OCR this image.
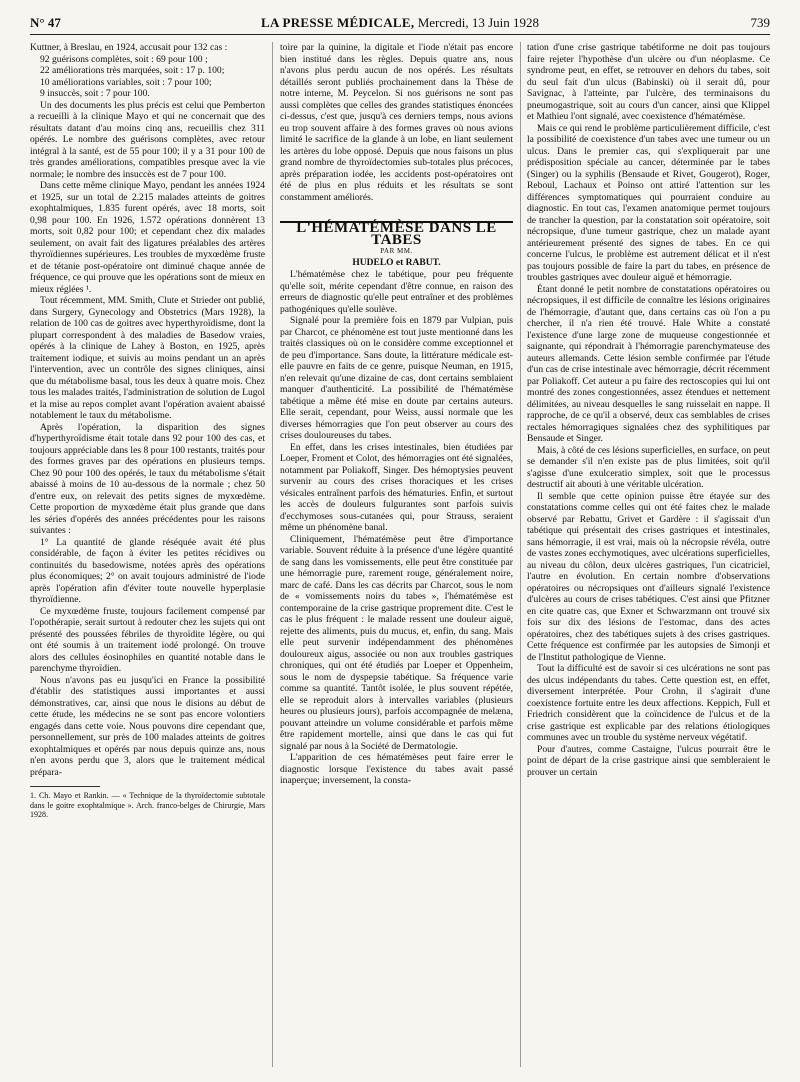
N° 47	LA PRESSE MÉDICALE, Mercredi, 13 Juin 1928	739

Kuttner, à Breslau, en 1924, accusait pour 132 cas :

92 guérisons complètes, soit : 69 pour 100 ;

22 améliorations très marquées, soit : 17 p. 100;

10 améliorations variables, soit : 7 pour 100;

9 insuccès, soit : 7 pour 100.

Un des documents les plus précis est celui que Pemberton a recueilli à la clinique Mayo et qui ne concernait que des résultats datant d'au moins cinq ans, recueillis chez 311 opérés. Le nombre des guérisons complètes, avec retour intégral à la santé, est de 55 pour 100; il y a 31 pour 100 de très grandes améliorations, compatibles presque avec la vie normale; le nombre des insuccès est de 7 pour 100.

Dans cette même clinique Mayo, pendant les années 1924 et 1925, sur un total de 2.215 malades atteints de goitres exophtalmiques, 1.835 furent opérés, avec 18 morts, soit 0,98 pour 100. En 1926, 1.572 opérations donnèrent 13 morts, soit 0,82 pour 100; et cependant chez dix malades seulement, on avait fait des ligatures préalables des artères thyroïdiennes supérieures. Les troubles de myxœdème fruste et de tétanie post-opératoire ont diminué chaque année de fréquence, ce qui prouve que les opérations sont de mieux en mieux réglées ¹.

Tout récemment, MM. Smith, Clute et Strieder ont publié, dans Surgery, Gynecology and Obstetrics (Mars 1928), la relation de 100 cas de goitres avec hyperthyroïdisme, dont la plupart correspondent à des maladies de Basedow vraies, opérés à la clinique de Lahey à Boston, en 1925, après traitement iodique, et suivis au moins pendant un an après l'intervention, avec un contrôle des signes cliniques, ainsi que du métabolisme basal, tous les deux à quatre mois. Chez tous les malades traités, l'administration de solution de Lugol et la mise au repos complet avant l'opération avaient abaissé notablement le taux du métabolisme.

Après l'opération, la disparition des signes d'hyperthyroïdisme était totale dans 92 pour 100 des cas, et toujours appréciable dans les 8 pour 100 restants, traités pour des formes graves par des opérations en plusieurs temps. Chez 90 pour 100 des opérés, le taux du métabolisme s'était abaissé à moins de 10 au-dessous de la normale ; chez 50 d'entre eux, on relevait des petits signes de myxœdème. Cette proportion de myxœdème était plus grande que dans les séries d'opérés des années précédentes pour les raisons suivantes :

1° La quantité de glande réséquée avait été plus considérable, de façon à éviter les petites récidives ou continuités du basedowisme, notées après des opérations plus économiques; 2° on avait toujours administré de l'iode après l'opération afin d'éviter toute nouvelle hyperplasie thyroïdienne.

Ce myxœdème fruste, toujours facilement compensé par l'opothérapie, serait surtout à redouter chez les sujets qui ont présenté des poussées fébriles de thyroïdite légère, ou qui ont été soumis à un traitement iodé prolongé. On trouve alors des cellules éosinophiles en quantité notable dans le parenchyme thyroïdien.

Nous n'avons pas eu jusqu'ici en France la possibilité d'établir des statistiques aussi importantes et aussi démonstratives, car, ainsi que nous le disions au début de cette étude, les médecins ne se sont pas encore volontiers engagés dans cette voie. Nous pouvons dire cependant que, personnellement, sur près de 100 malades atteints de goitres exophtalmiques et opérés par nous depuis quinze ans, nous n'en avons perdu que 3, alors que le traitement médical prépara-

1. Ch. Mayo et Rankin. — « Technique de la thyroïdectomie subtotale dans le goitre exophtalmique ». Arch. franco-belges de Chirurgie, Mars 1928.

toire par la quinine, la digitale et l'iode n'était pas encore bien institué dans les règles. Depuis quatre ans, nous n'avons plus perdu aucun de nos opérés. Les résultats détaillés seront publiés prochainement dans la Thèse de notre interne, M. Peycelon. Si nos guérisons ne sont pas aussi complètes que celles des grandes statistiques énoncées ci-dessus, c'est que, jusqu'à ces derniers temps, nous avions eu trop souvent affaire à des formes graves où nous avions limité le sacrifice de la glande à un lobe, en liant seulement les artères du lobe opposé. Depuis que nous faisons un plus grand nombre de thyroïdectomies sub-totales plus précoces, après préparation iodée, les accidents post-opératoires ont été de plus en plus réduits et les résultats se sont constamment améliorés.

L'HÉMATÉMÈSE DANS LE TABES

PAR MM.

HUDELO et RABUT.

L'hématémèse chez le tabétique, pour peu fréquente qu'elle soit, mérite cependant d'être connue, en raison des erreurs de diagnostic qu'elle peut entraîner et des problèmes pathogéniques qu'elle soulève.

Signalé pour la première fois en 1879 par Vulpian, puis par Charcot, ce phénomène est tout juste mentionné dans les traités classiques où on le considère comme exceptionnel et de peu d'importance. Sans doute, la littérature médicale est-elle pauvre en faits de ce genre, puisque Neuman, en 1915, n'en relevait qu'une dizaine de cas, dont certains semblaient manquer d'authenticité. La possibilité de l'hématémèse tabétique a même été mise en doute par certains auteurs. Elle serait, cependant, pour Weiss, aussi normale que les diverses hémorragies que l'on peut observer au cours des crises douloureuses du tabes.

En effet, dans les crises intestinales, bien étudiées par Loeper, Froment et Colot, des hémorragies ont été signalées, notamment par Poliakoff, Singer. Des hémoptysies peuvent survenir au cours des crises thoraciques et les crises vésicales entraînent parfois des hématuries. Enfin, et surtout les accès de douleurs fulgurantes sont parfois suivis d'ecchymoses sous-cutanées qui, pour Strauss, seraient même un phénomène banal.

Cliniquement, l'hématémèse peut être d'importance variable. Souvent réduite à la présence d'une légère quantité de sang dans les vomissements, elle peut être constituée par une hémorragie pure, rarement rouge, généralement noire, marc de café. Dans les cas décrits par Charcot, sous le nom de « vomissements noirs du tabes », l'hématémèse est contemporaine de la crise gastrique proprement dite. C'est le cas le plus fréquent : le malade ressent une douleur aiguë, rejette des aliments, puis du mucus, et, enfin, du sang. Mais elle peut survenir indépendamment des phénomènes douloureux aigus, associée ou non aux troubles gastriques chroniques, qui ont été étudiés par Loeper et Oppenheim, sous le nom de dyspepsie tabétique. Sa fréquence varie comme sa quantité. Tantôt isolée, le plus souvent répétée, elle se reproduit alors à intervalles variables (plusieurs heures ou plusieurs jours), parfois accompagnée de melæna, pouvant atteindre un volume considérable et parfois même être rapidement mortelle, ainsi que dans le cas qui fut signalé par nous à la Société de Dermatologie.

L'apparition de ces hématémèses peut faire errer le diagnostic lorsque l'existence du tabes avait passé inaperçue; inversement, la consta-

tation d'une crise gastrique tabétiforme ne doit pas toujours faire rejeter l'hypothèse d'un ulcère ou d'un néoplasme. Ce syndrome peut, en effet, se retrouver en dehors du tabes, soit du seul fait d'un ulcus (Babinski) où il serait dû, pour Savignac, à l'atteinte, par l'ulcère, des terminaisons du pneumogastrique, soit au cours d'un cancer, ainsi que Klippel et Mathieu l'ont signalé, avec coexistence d'hématémèse.

Mais ce qui rend le problème particulièrement difficile, c'est la possibilité de coexistence d'un tabes avec une tumeur ou un ulcus. Dans le premier cas, qui s'expliquerait par une prédisposition spéciale au cancer, déterminée par le tabes (Singer) ou la syphilis (Bensaude et Rivet, Gougerot), Roger, Reboul, Lachaux et Poinso ont attiré l'attention sur les différences symptomatiques qui pourraient conduire au diagnostic. En tout cas, l'examen anatomique permet toujours de trancher la question, par la constatation soit opératoire, soit nécropsique, d'une tumeur gastrique, chez un malade ayant antérieurement présenté des signes de tabes. En ce qui concerne l'ulcus, le problème est autrement délicat et il n'est pas toujours possible de faire la part du tabes, en présence de troubles gastriques avec douleur aiguë et hémorragie.

Étant donné le petit nombre de constatations opératoires ou nécropsiques, il est difficile de connaître les lésions originaires de l'hémorragie, d'autant que, dans certains cas où l'on a pu chercher, il n'a rien été trouvé. Hale White a constaté l'existence d'une large zone de muqueuse congestionnée et saignante, qui répondrait à l'hémorragie parenchymateuse des auteurs allemands. Cette lésion semble confirmée par l'étude d'un cas de crise intestinale avec hémorragie, décrit récemment par Poliakoff. Cet auteur a pu faire des rectoscopies qui lui ont montré des zones congestionnées, assez étendues et nettement délimitées, au niveau desquelles le sang ruisselait en nappe. Il rapproche, de ce qu'il a observé, deux cas semblables de crises rectales hémorragiques signalées chez des syphilitiques par Bensaude et Singer.

Mais, à côté de ces lésions superficielles, en surface, on peut se demander s'il n'en existe pas de plus limitées, soit qu'il s'agisse d'une exulceratio simplex, soit que le processus destructif ait abouti à une véritable ulcération.

Il semble que cette opinion puisse être étayée sur des constatations comme celles qui ont été faites chez le malade observé par Rebattu, Grivet et Gardère : il s'agissait d'un tabétique qui présentait des crises gastriques et intestinales, sans hémorragie, il est vrai, mais où la nécropsie révéla, outre de vastes zones ecchymotiques, avec ulcérations superficielles, au niveau du côlon, deux ulcères gastriques, l'un cicatriciel, l'autre en évolution. En certain nombre d'observations opératoires ou nécropsiques ont d'ailleurs signalé l'existence d'ulcères au cours de crises tabétiques. C'est ainsi que Pfitzner en cite quatre cas, que Exner et Schwarzmann ont trouvé six fois sur dix des lésions de l'estomac, dans des actes opératoires, chez des tabétiques sujets à des crises gastriques. Cette fréquence est confirmée par les autopsies de Simonji et de l'Institut pathologique de Vienne.

Tout la difficulté est de savoir si ces ulcérations ne sont pas des ulcus indépendants du tabes. Cette question est, en effet, diversement interprétée. Pour Crohn, il s'agirait d'une coexistence fortuite entre les deux affections. Keppich, Full et Friedrich considèrent que la coïncidence de l'ulcus et de la crise gastrique est explicable par des relations étiologiques communes avec un trouble du système nerveux végétatif.

Pour d'autres, comme Castaigne, l'ulcus pourrait être le point de départ de la crise gastrique ainsi que sembleraient le prouver un certain
